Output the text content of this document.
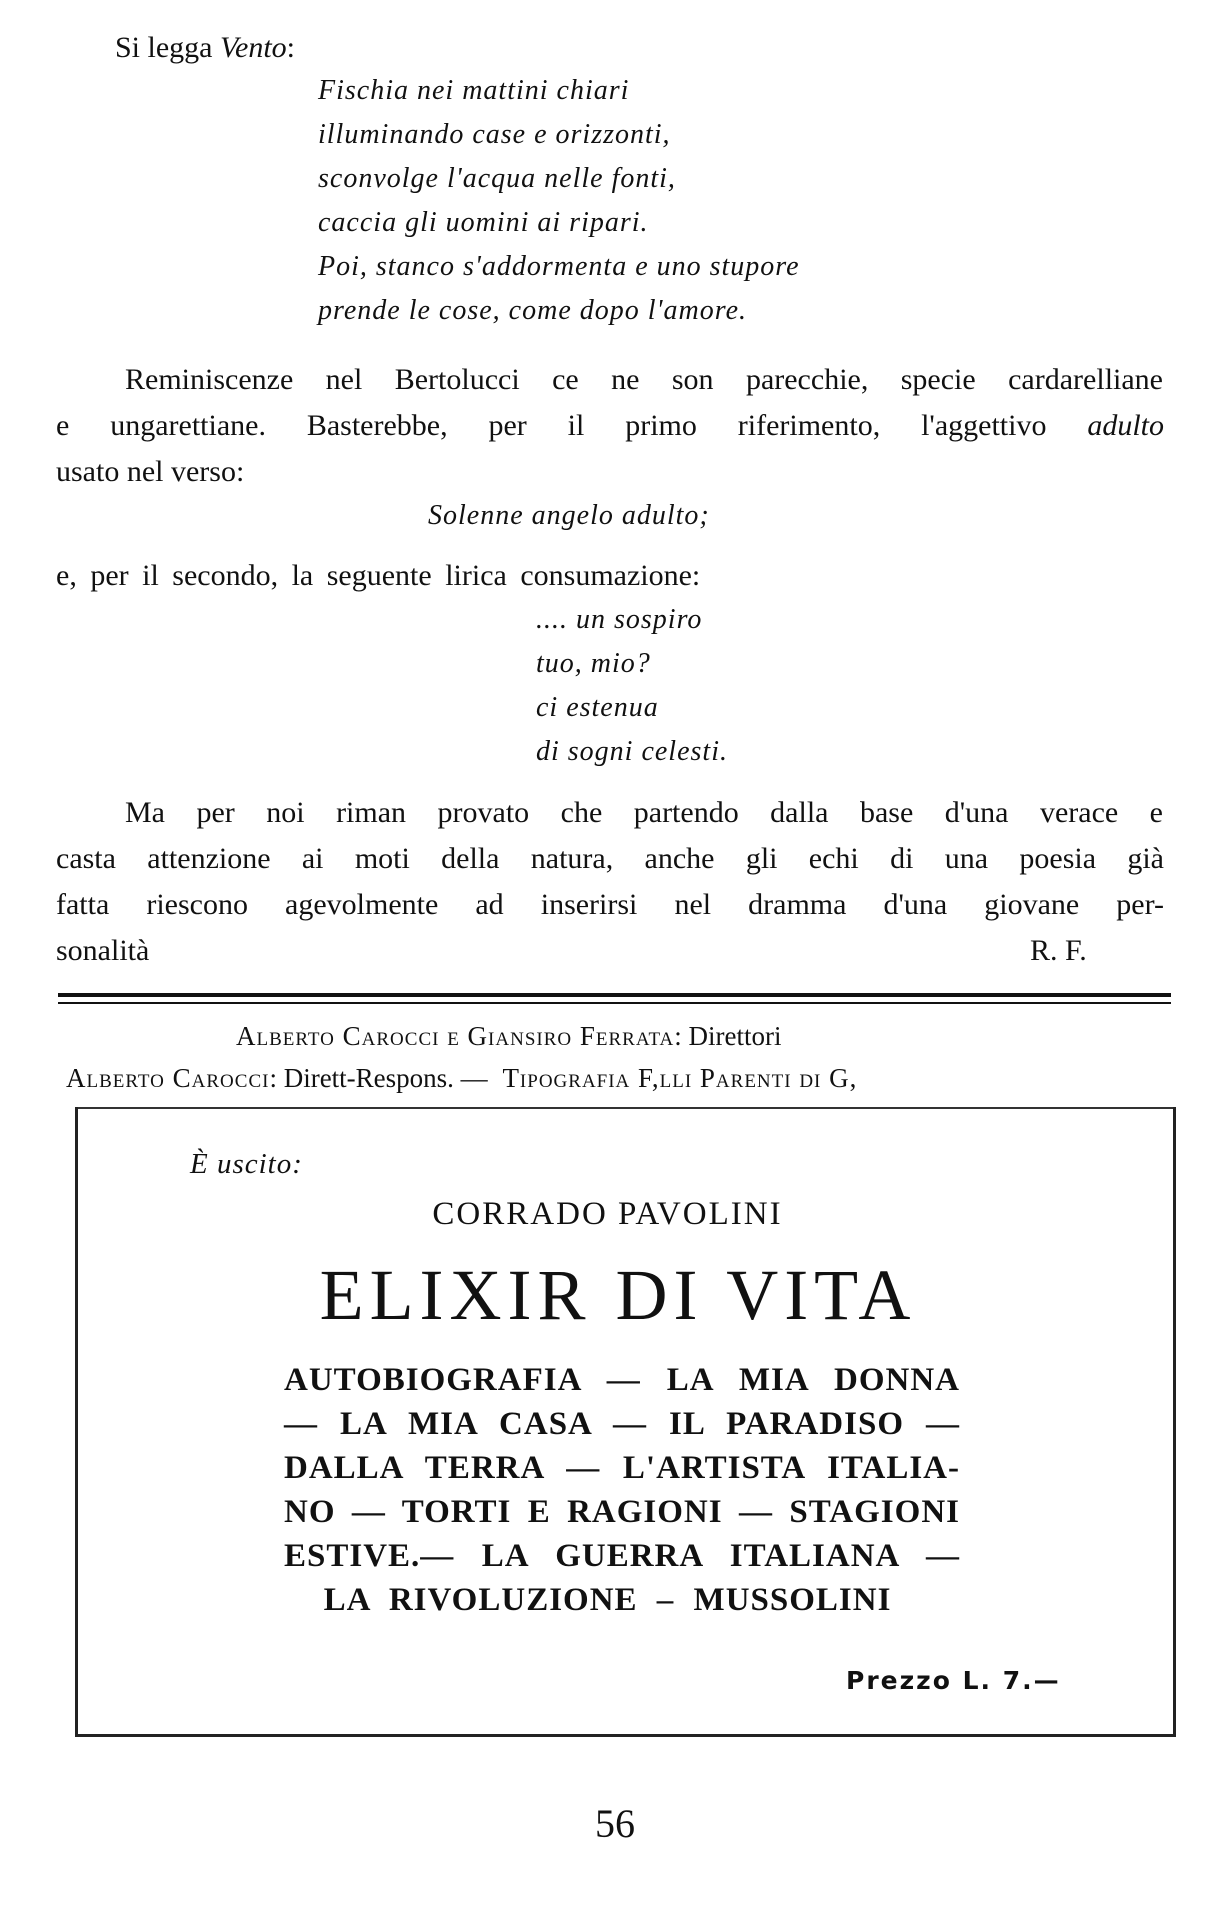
Si legga Vento:
Fischia nei mattini chiari
illuminando case e orizzonti,
sconvolge l'acqua nelle fonti,
caccia gli uomini ai ripari.
Poi, stanco s'addormenta e uno stupore
prende le cose, come dopo l'amore.
Reminiscenze nel Bertolucci ce ne son parecchie, specie cardarelliane
e ungarettiane. Basterebbe, per il primo riferimento, l'aggettivo adulto
usato nel verso:
Solenne angelo adulto;
e, per il secondo, la seguente lirica consumazione:
.... un sospiro
tuo, mio?
ci estenua
di sogni celesti.
Ma per noi riman provato che partendo dalla base d'una verace e
casta attenzione ai moti della natura, anche gli echi di una poesia già
fatta riescono agevolmente ad inserirsi nel dramma d'una giovane per-
sonalità	R. F.
Alberto Carocci e Giansiro Ferrata: Direttori
Alberto Carocci: Dirett-Respons. — Tipografia F,lli Parenti di G,
È uscito:
CORRADO PAVOLINI
ELIXIR DI VITA
AUTOBIOGRAFIA — LA MIA DONNA
— LA MIA CASA — IL PARADISO —
DALLA TERRA — L'ARTISTA ITALIA-
NO — TORTI E RAGIONI — STAGIONI
ESTIVE.— LA GUERRA ITALIANA —
LA RIVOLUZIONE – MUSSOLINI
Prezzo L. 7.—
56
